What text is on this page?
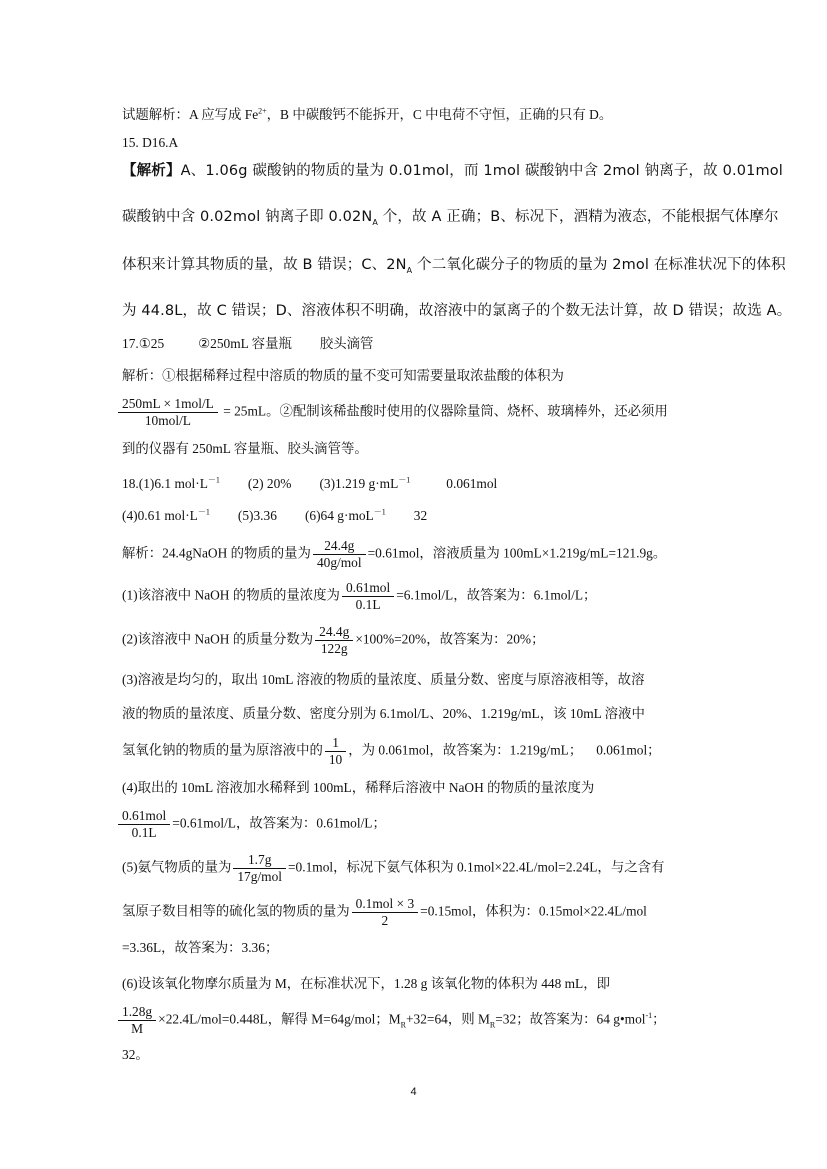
试题解析：A 应写成 $Fe^{2+}$，B 中碳酸钙不能拆开，C 中电荷不守恒，正确的只有 D。
15. D16.A
【解析】A、1.06g 碳酸钠的物质的量为 0.01mol，而 1mol 碳酸钠中含 2mol 钠离子，故 0.01mol
碳酸钠中含 0.02mol 钠离子即 $0.02N_A$ 个，故 A 正确；B、标况下，酒精为液态，不能根据气体摩尔
体积来计算其物质的量，故 B 错误；C、$2N_A$ 个二氧化碳分子的物质的量为 2mol 在标准状况下的体积
为 44.8L，故 C 错误；D、溶液体积不明确，故溶液中的氯离子的个数无法计算，故 D 错误；故选 A。
17.①25	②250mL 容量瓶 胶头滴管
解析：①根据稀释过程中溶质的物质的量不变可知需要量取浓盐酸的体积为
$\frac{\text{250mL × 1mol/L}}{\text{10mol/L}} = 25mL$。②配制该稀盐酸时使用的仪器除量筒、烧杯、玻璃棒外，还必须用
到的仪器有 250mL 容量瓶、胶头滴管等。
18.(1)6.1 $mol\cdot L^{-1}$ (2) 20% (3)1.219 $g\cdot mL^{-1}$	0.061mol
(4)0.61 $mol\cdot L^{-1}$ (5)3.36 (6)64 g·moL$^{-1}$ 32
解析：24.4gNaOH 的物质的量为 $\frac{24.4g}{\text{40g/mol}} =0.61mol$，溶液质量为 100mL×1.219g/mL=121.9g。
(1)该溶液中 NaOH 的物质的量浓度为 $\frac{\text{0.61mol}}{0.1L} =6.1mol/L$，故答案为：6.1mol/L；
(2)该溶液中 NaOH 的质量分数为 $\frac{24.4g}{122g} \times 100\%=20\%$，故答案为：20%；
(3)溶液是均匀的，取出 10mL 溶液的物质的量浓度、质量分数、密度与原溶液相等，故溶
液的物质的量浓度、质量分数、密度分别为 6.1mol/L、20%、1.219g/mL，该 10mL 溶液中
氢氧化钠的物质的量为原溶液中的 $\frac{1}{10}$ ，为 0.061mol，故答案为：1.219g/mL； 0.061mol；
(4)取出的 10mL 溶液加水稀释到 100mL，稀释后溶液中 NaOH 的物质的量浓度为
$\frac{\text{0.61mol}}{0.1L} =0.61mol/L$，故答案为：0.61mol/L；
(5)氨气物质的量为 $\frac{1.7g}{\text{17g/mol}} =0.1mol$，标况下氨气体积为 0.1mol×22.4L/mol=2.24L，与之含有
氢原子数目相等的硫化氢的物质的量为 $\frac{\text{0.1mol × 3}}{2} =0.15mol$，体积为：0.15mol×22.4L/mol
=3.36L，故答案为：3.36；
(6)设该氧化物摩尔质量为 M，在标准状况下，1.28 g 该氧化物的体积为 448 mL，即
$\frac{1.28g}{M} \times 22.4L/mol=0.448L$，解得 M=64g/mol；$M_R+32=64$，则 $M_R=32$；故答案为：64 g•mol$^{-1}$；
32。
4
